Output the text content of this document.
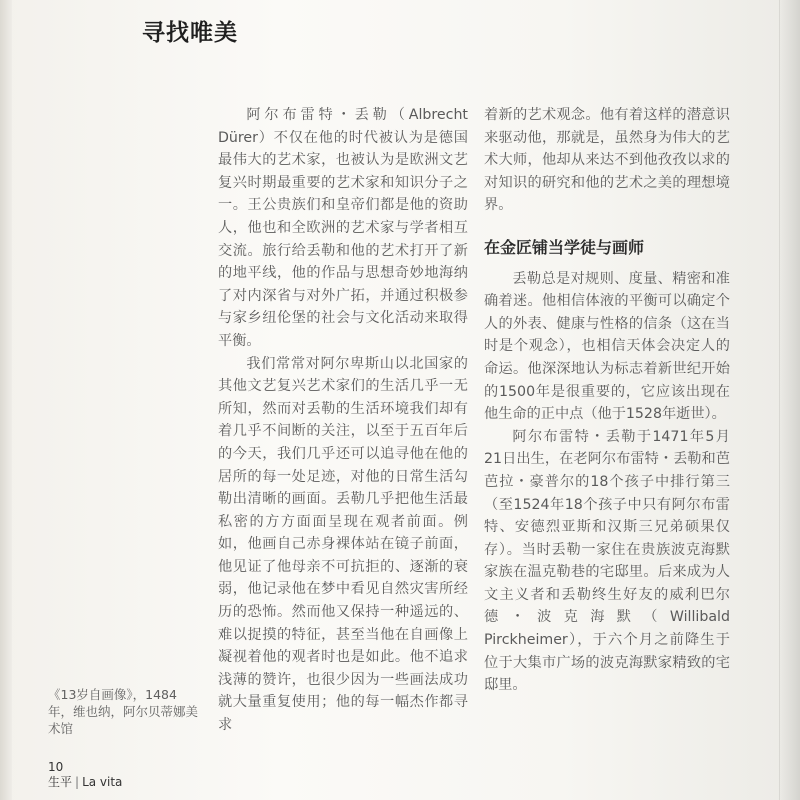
寻找唯美

阿尔布雷特・丢勒（Albrecht Dürer）不仅在他的时代被认为是德国最伟大的艺术家，也被认为是欧洲文艺复兴时期最重要的艺术家和知识分子之一。王公贵族们和皇帝们都是他的资助人，他也和全欧洲的艺术家与学者相互交流。旅行给丢勒和他的艺术打开了新的地平线，他的作品与思想奇妙地海纳了对内深省与对外广拓，并通过积极参与家乡纽伦堡的社会与文化活动来取得平衡。

我们常常对阿尔卑斯山以北国家的其他文艺复兴艺术家们的生活几乎一无所知，然而对丢勒的生活环境我们却有着几乎不间断的关注，以至于五百年后的今天，我们几乎还可以追寻他在他的居所的每一处足迹，对他的日常生活勾勒出清晰的画面。丢勒几乎把他生活最私密的方方面面呈现在观者前面。例如，他画自己赤身裸体站在镜子前面，他见证了他母亲不可抗拒的、逐渐的衰弱，他记录他在梦中看见自然灾害所经历的恐怖。然而他又保持一种遥远的、难以捉摸的特征，甚至当他在自画像上凝视着他的观者时也是如此。他不追求浅薄的赞许，也很少因为一些画法成功就大量重复使用；他的每一幅杰作都寻求

着新的艺术观念。他有着这样的潜意识来驱动他，那就是，虽然身为伟大的艺术大师，他却从来达不到他孜孜以求的对知识的研究和他的艺术之美的理想境界。

在金匠铺当学徒与画师

丢勒总是对规则、度量、精密和准确着迷。他相信体液的平衡可以确定个人的外表、健康与性格的信条（这在当时是个观念），也相信天体会决定人的命运。他深深地认为标志着新世纪开始的1500年是很重要的，它应该出现在他生命的正中点（他于1528年逝世）。

阿尔布雷特・丢勒于1471年5月21日出生，在老阿尔布雷特・丢勒和芭芭拉・豪普尔的18个孩子中排行第三（至1524年18个孩子中只有阿尔布雷特、安德烈亚斯和汉斯三兄弟硕果仅存）。当时丢勒一家住在贵族波克海默家族在温克勒巷的宅邸里。后来成为人文主义者和丢勒终生好友的威利巴尔德・波克海默（Willibald Pirckheimer），于六个月之前降生于位于大集市广场的波克海默家精致的宅邸里。

《13岁自画像》，1484年，维也纳，阿尔贝蒂娜美术馆
10
生平 | La vita
